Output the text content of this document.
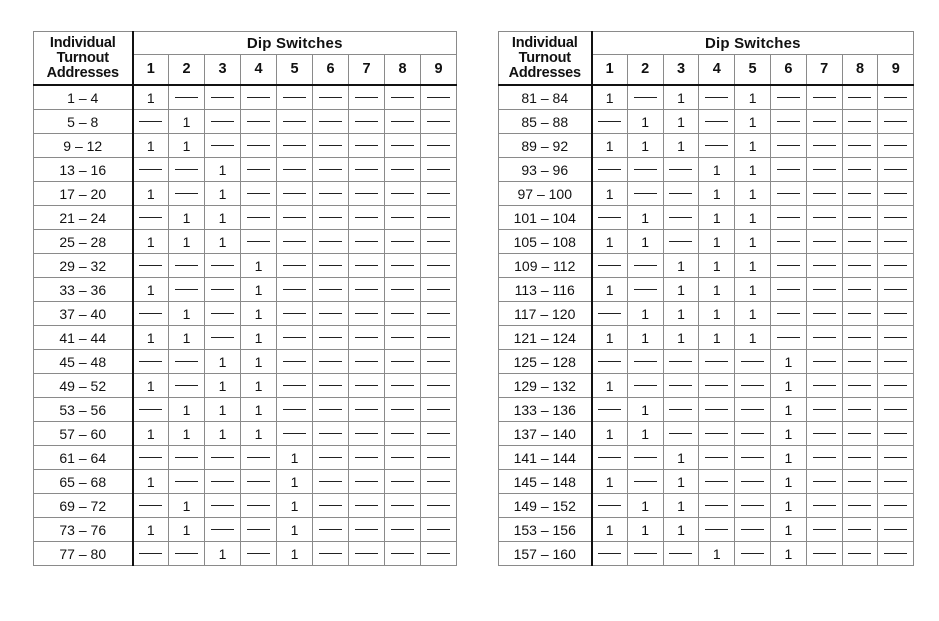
Individual
Turnout
Addresses	Dip Switches								
	1	2	3	4	5	6	7	8	9
1 – 4	1								
5 – 8		1							
9 – 12	1	1							
13 – 16			1						
17 – 20	1		1						
21 – 24		1	1						
25 – 28	1	1	1						
29 – 32				1					
33 – 36	1			1					
37 – 40		1		1					
41 – 44	1	1		1					
45 – 48			1	1					
49 – 52	1		1	1					
53 – 56		1	1	1					
57 – 60	1	1	1	1					
61 – 64					1				
65 – 68	1				1				
69 – 72		1			1				
73 – 76	1	1			1				
77 – 80			1		1				
Individual
Turnout
Addresses	Dip Switches								
	1	2	3	4	5	6	7	8	9
81 – 84	1		1		1				
85 – 88		1	1		1				
89 – 92	1	1	1		1				
93 – 96				1	1				
97 – 100	1			1	1				
101 – 104		1		1	1				
105 – 108	1	1		1	1				
109 – 112			1	1	1				
113 – 116	1		1	1	1				
117 – 120		1	1	1	1				
121 – 124	1	1	1	1	1				
125 – 128						1			
129 – 132	1					1			
133 – 136		1				1			
137 – 140	1	1				1			
141 – 144			1			1			
145 – 148	1		1			1			
149 – 152		1	1			1			
153 – 156	1	1	1			1			
157 – 160				1		1			
